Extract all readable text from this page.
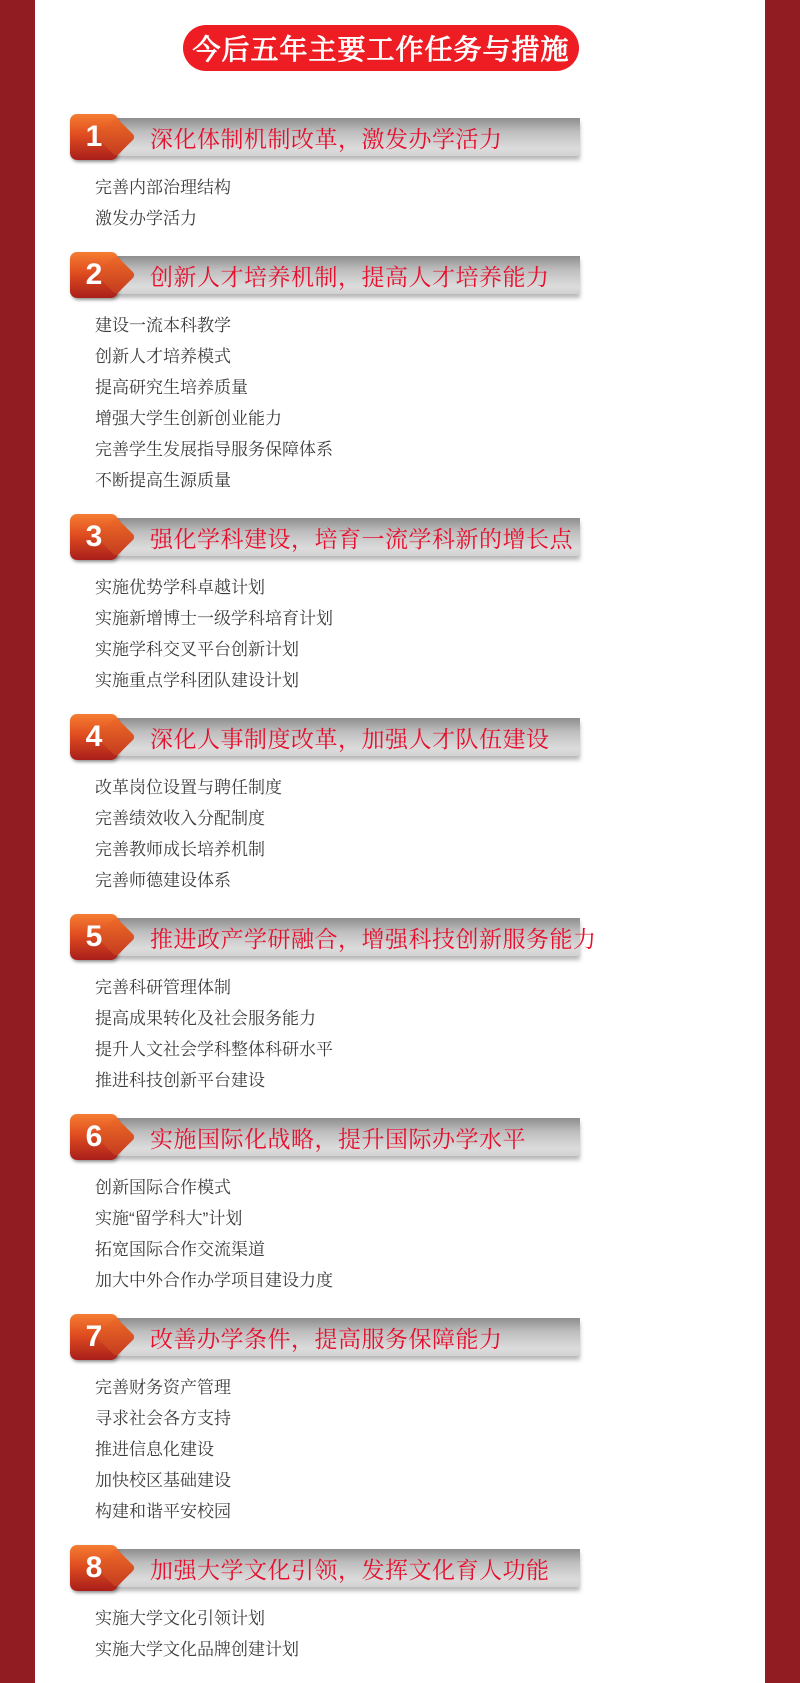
今后五年主要工作任务与措施
深化体制机制改革，激发办学活力
1
完善内部治理结构
激发办学活力
创新人才培养机制，提高人才培养能力
2
建设一流本科教学
创新人才培养模式
提高研究生培养质量
增强大学生创新创业能力
完善学生发展指导服务保障体系
不断提高生源质量
强化学科建设，培育一流学科新的增长点
3
实施优势学科卓越计划
实施新增博士一级学科培育计划
实施学科交叉平台创新计划
实施重点学科团队建设计划
深化人事制度改革，加强人才队伍建设
4
改革岗位设置与聘任制度
完善绩效收入分配制度
完善教师成长培养机制
完善师德建设体系
推进政产学研融合，增强科技创新服务能力
5
完善科研管理体制
提高成果转化及社会服务能力
提升人文社会学科整体科研水平
推进科技创新平台建设
实施国际化战略，提升国际办学水平
6
创新国际合作模式
实施“留学科大”计划
拓宽国际合作交流渠道
加大中外合作办学项目建设力度
改善办学条件，提高服务保障能力
7
完善财务资产管理
寻求社会各方支持
推进信息化建设
加快校区基础建设
构建和谐平安校园
加强大学文化引领，发挥文化育人功能
8
实施大学文化引领计划
实施大学文化品牌创建计划
